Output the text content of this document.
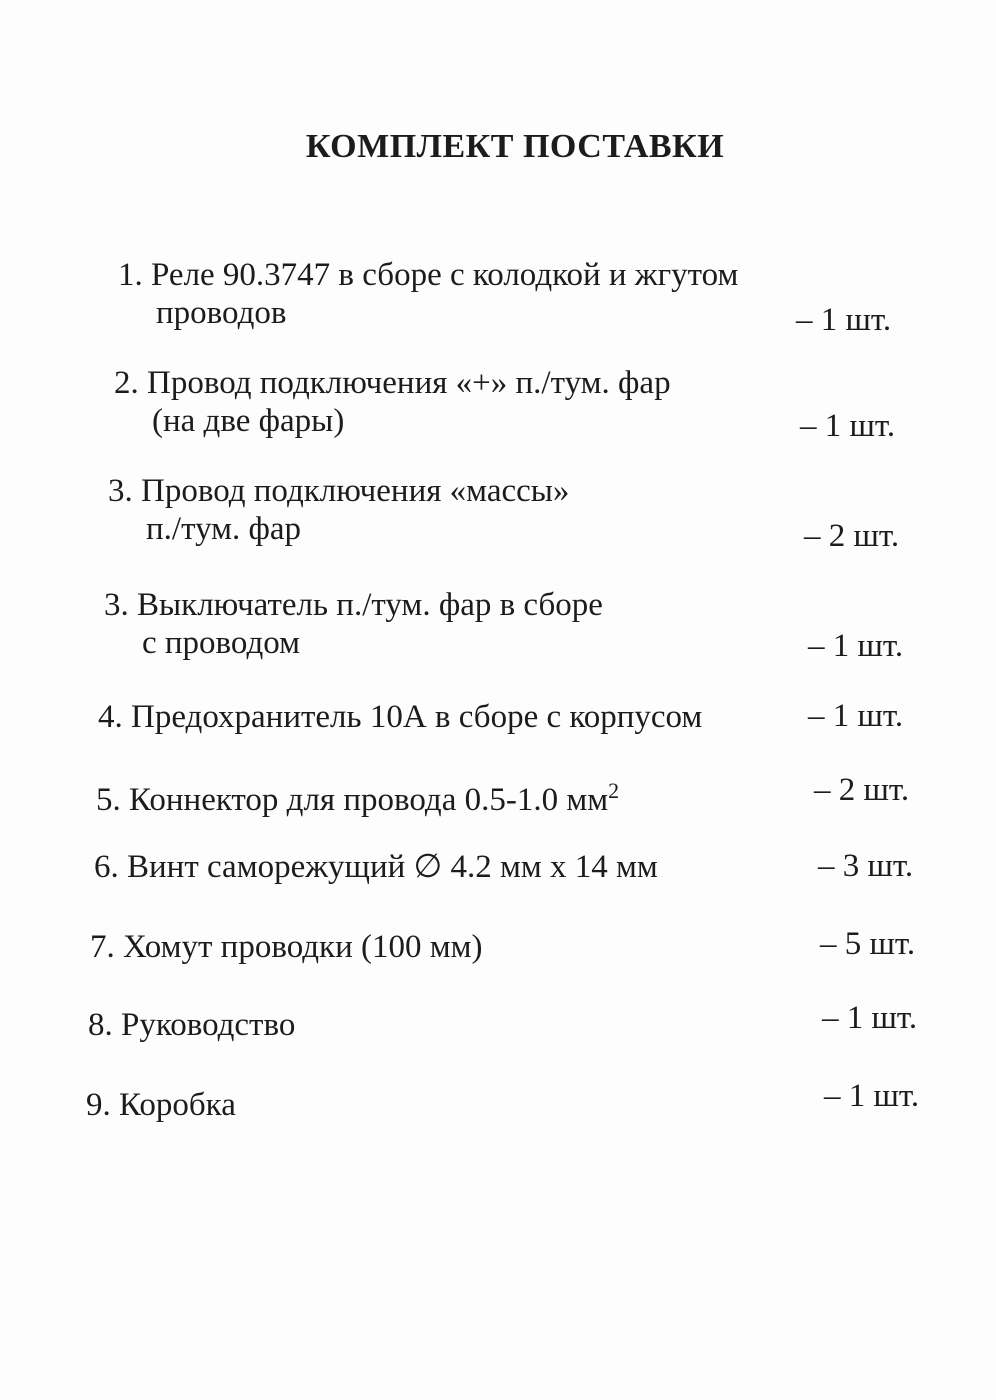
КОМПЛЕКТ ПОСТАВКИ
1. Реле 90.3747 в сборе с колодкой и жгутом
проводов	– 1 шт.
2. Провод подключения «+» п./тум. фар
(на две фары)	– 1 шт.
3. Провод подключения «массы»
п./тум. фар	– 2 шт.
3. Выключатель п./тум. фар в сборе
с проводом	– 1 шт.
4. Предохранитель 10А в сборе с корпусом	– 1 шт.
5. Коннектор для провода 0.5-1.0 $мм^2$	– 2 шт.
6. Винт саморежущий ∅ 4.2 мм х 14 мм	– 3 шт.
7. Хомут проводки (100 мм)	– 5 шт.
8. Руководство	– 1 шт.
9. Коробка	– 1 шт.
